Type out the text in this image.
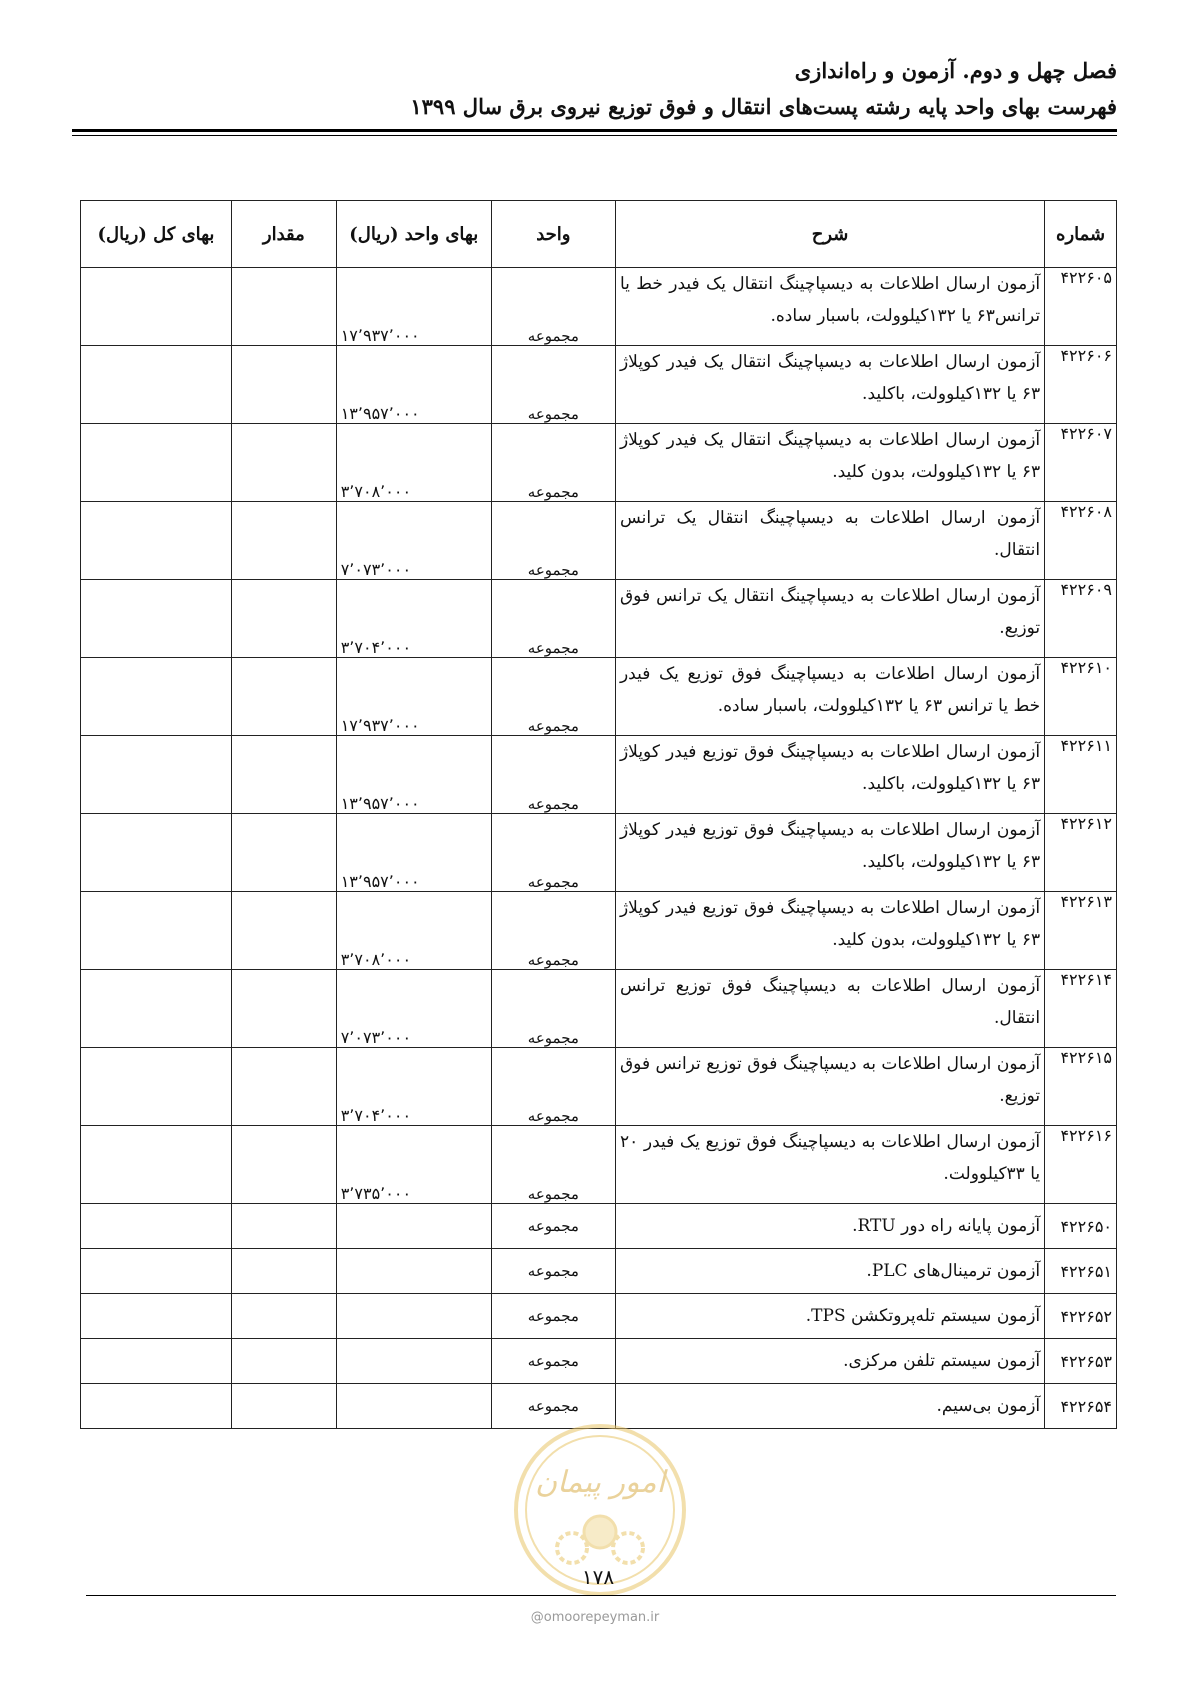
فصل چهل و دوم. آزمون و راه‌اندازی

فهرست بهای واحد پایه رشته پست‌های انتقال و فوق توزیع نیروی برق سال ۱۳۹۹

شماره	شرح	واحد	بهای واحد (ریال)	مقدار	بهای کل (ریال)
۴۲۲۶۰۵	آزمون ارسال اطلاعات به دیسپاچینگ انتقال یک فیدر خط یا ترانس۶۳ یا ۱۳۲کیلوولت، باسبار ساده.	مجموعه	۱۷٬۹۳۷٬۰۰۰		
۴۲۲۶۰۶	آزمون ارسال اطلاعات به دیسپاچینگ انتقال یک فیدر کوپلاژ ۶۳ یا ۱۳۲کیلوولت، باکلید.	مجموعه	۱۳٬۹۵۷٬۰۰۰		
۴۲۲۶۰۷	آزمون ارسال اطلاعات به دیسپاچینگ انتقال یک فیدر کوپلاژ ۶۳ یا ۱۳۲کیلوولت، بدون کلید.	مجموعه	۳٬۷۰۸٬۰۰۰		
۴۲۲۶۰۸	آزمون ارسال اطلاعات به دیسپاچینگ انتقال یک ترانس انتقال.	مجموعه	۷٬۰۷۳٬۰۰۰		
۴۲۲۶۰۹	آزمون ارسال اطلاعات به دیسپاچینگ انتقال یک ترانس فوق توزیع.	مجموعه	۳٬۷۰۴٬۰۰۰		
۴۲۲۶۱۰	آزمون ارسال اطلاعات به دیسپاچینگ فوق توزیع یک فیدر خط یا ترانس ۶۳ یا ۱۳۲کیلوولت، باسبار ساده.	مجموعه	۱۷٬۹۳۷٬۰۰۰		
۴۲۲۶۱۱	آزمون ارسال اطلاعات به دیسپاچینگ فوق توزیع فیدر کوپلاژ ۶۳ یا ۱۳۲کیلوولت، باکلید.	مجموعه	۱۳٬۹۵۷٬۰۰۰		
۴۲۲۶۱۲	آزمون ارسال اطلاعات به دیسپاچینگ فوق توزیع فیدر کوپلاژ ۶۳ یا ۱۳۲کیلوولت، باکلید.	مجموعه	۱۳٬۹۵۷٬۰۰۰		
۴۲۲۶۱۳	آزمون ارسال اطلاعات به دیسپاچینگ فوق توزیع فیدر کوپلاژ ۶۳ یا ۱۳۲کیلوولت، بدون کلید.	مجموعه	۳٬۷۰۸٬۰۰۰		
۴۲۲۶۱۴	آزمون ارسال اطلاعات به دیسپاچینگ فوق توزیع ترانس انتقال.	مجموعه	۷٬۰۷۳٬۰۰۰		
۴۲۲۶۱۵	آزمون ارسال اطلاعات به دیسپاچینگ فوق توزیع ترانس فوق توزیع.	مجموعه	۳٬۷۰۴٬۰۰۰		
۴۲۲۶۱۶	آزمون ارسال اطلاعات به دیسپاچینگ فوق توزیع یک فیدر ۲۰ یا ۳۳کیلوولت.	مجموعه	۳٬۷۳۵٬۰۰۰		
۴۲۲۶۵۰	آزمون پایانه راه دور RTU.	مجموعه			
۴۲۲۶۵۱	آزمون ترمینال‌های PLC.	مجموعه			
۴۲۲۶۵۲	آزمون سیستم تله‌پروتکشن TPS.	مجموعه			
۴۲۲۶۵۳	آزمون سیستم تلفن مرکزی.	مجموعه			
۴۲۲۶۵۴	آزمون بی‌سیم.	مجموعه			
امور پیمان
۱۷۸
@omoorepeyman.ir
